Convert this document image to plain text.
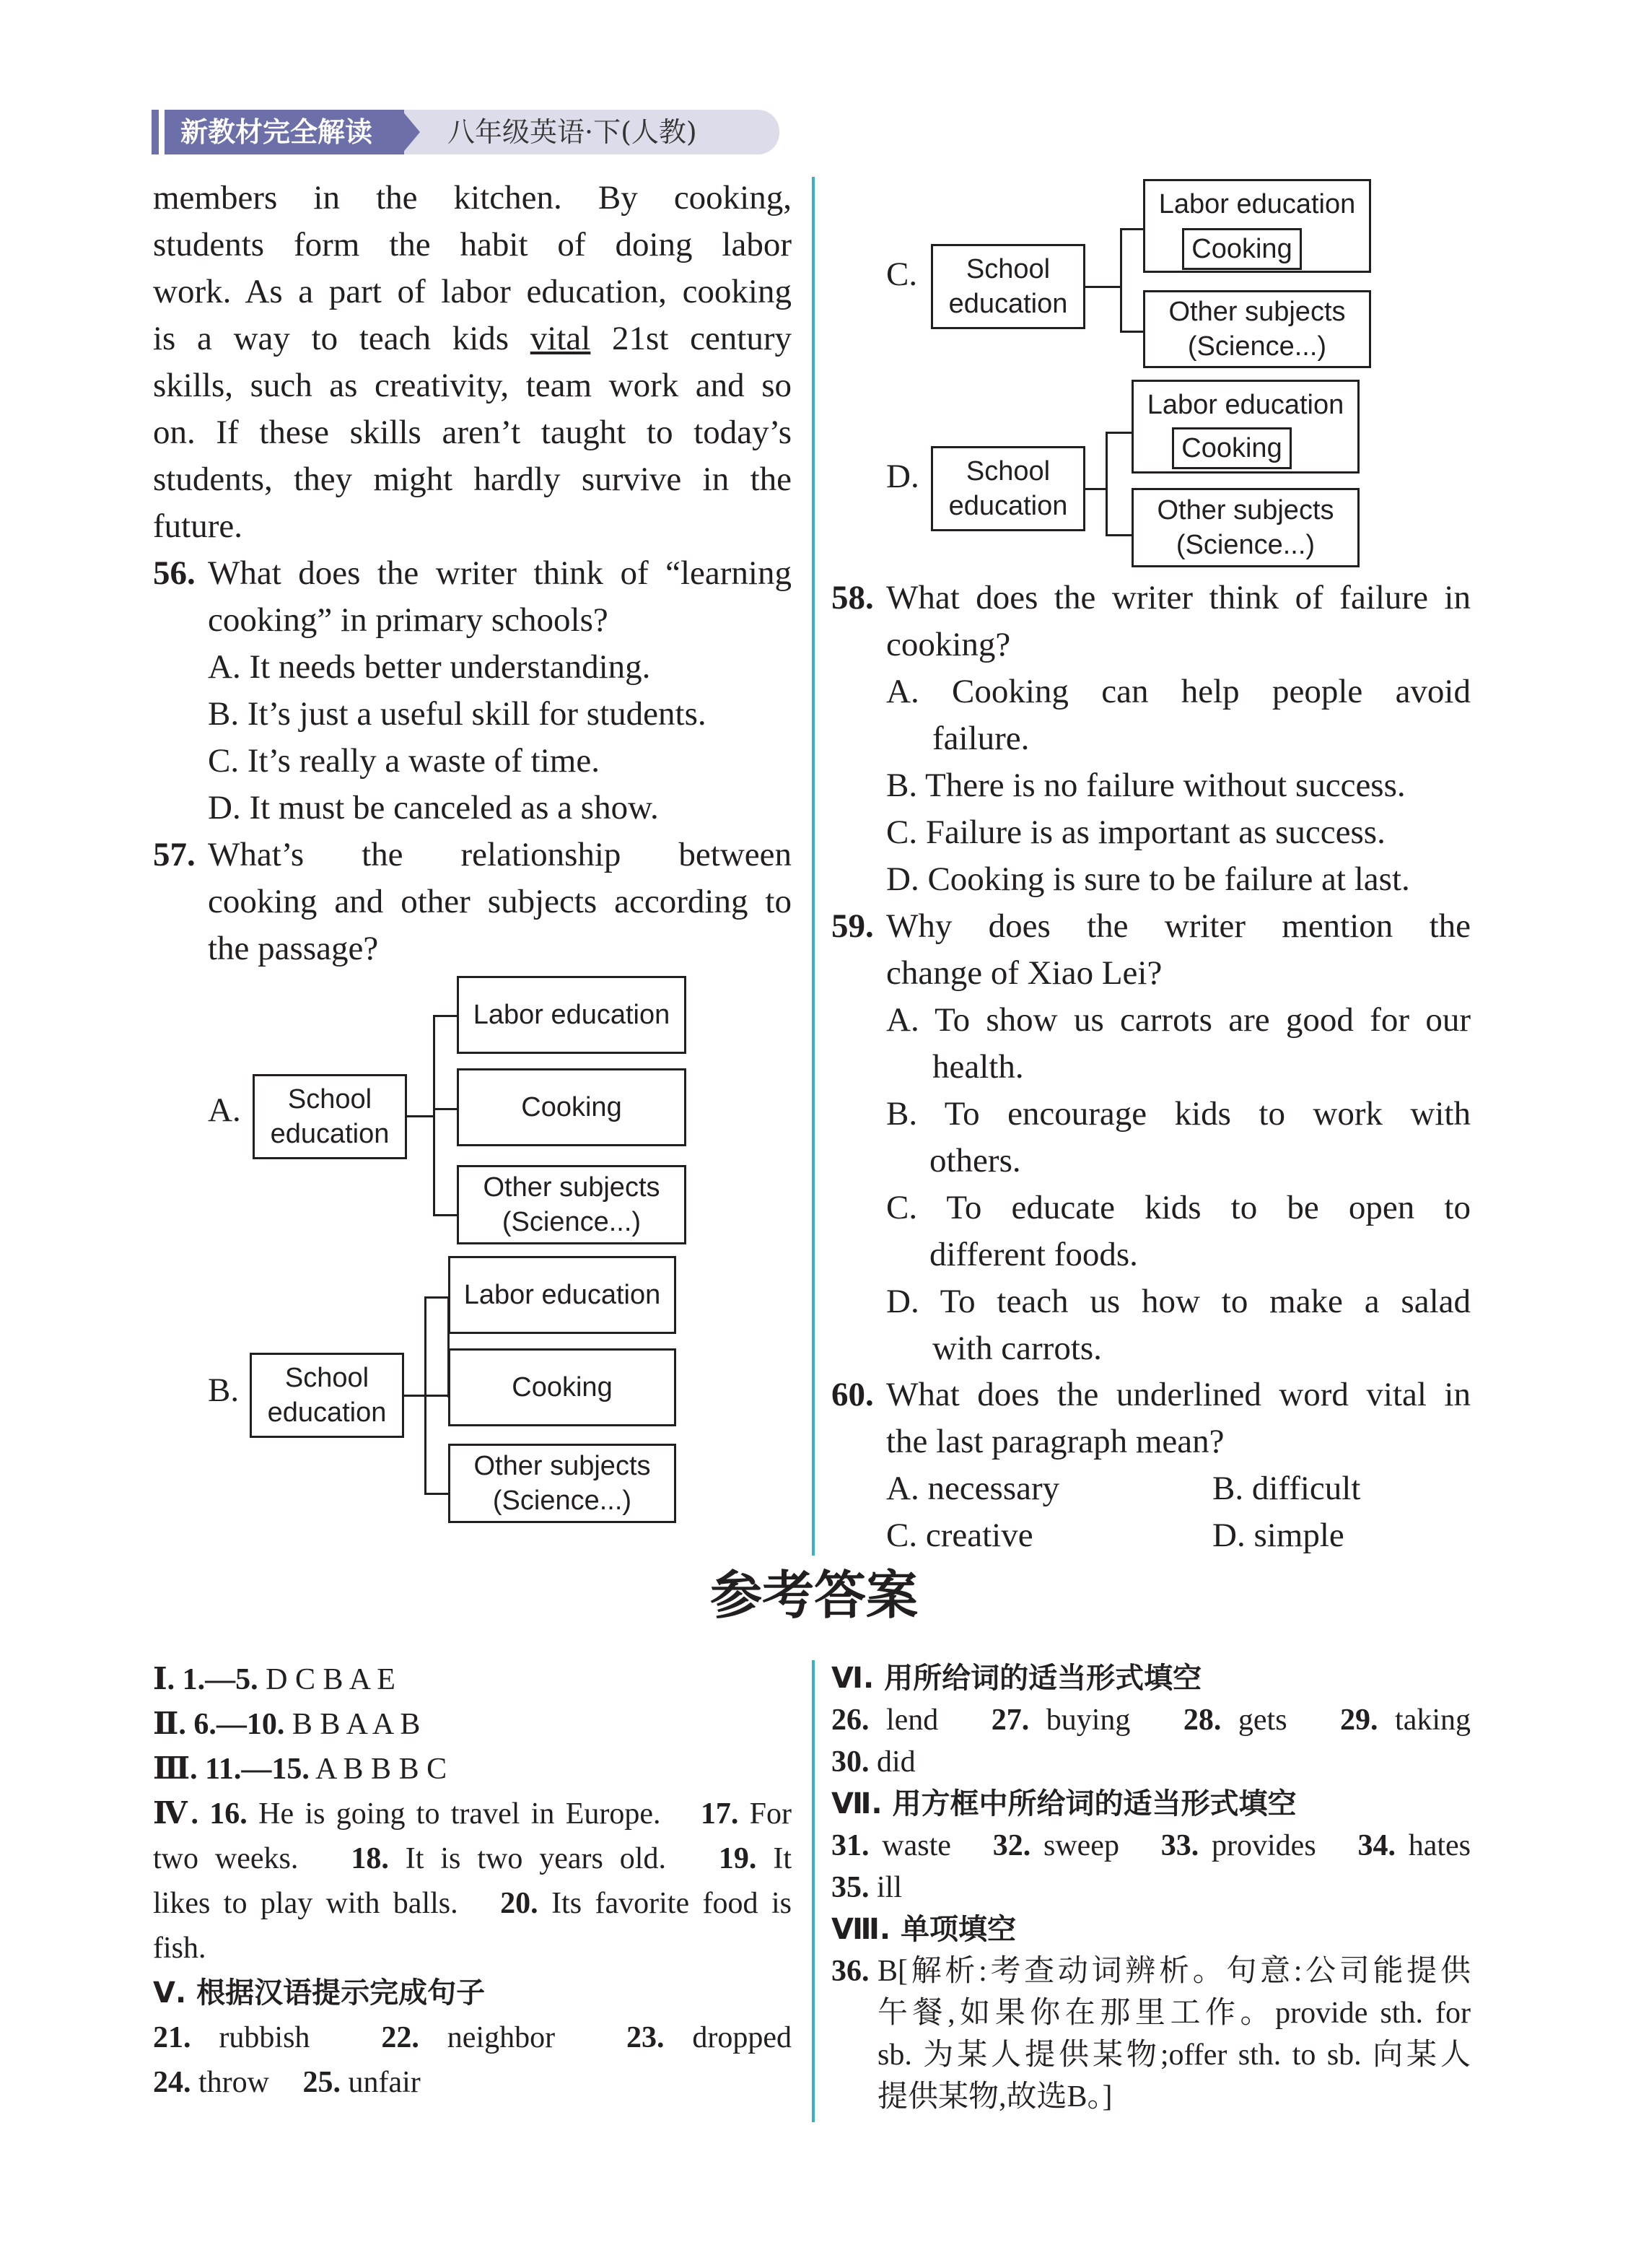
新教材完全解读	八年级英语·下(人教)
members in the kitchen. By cooking,
students form the habit of doing labor
work. As a part of labor education, cooking
is a way to teach kids vital 21st century
skills, such as creativity, team work and so
on. If these skills aren’t taught to today’s
students, they might hardly survive in the
future.
56. What does the writer think of “learning
cooking” in primary schools?
A. It needs better understanding.
B. It’s just a useful skill for students.
C. It’s really a waste of time.
D. It must be canceled as a show.
57. What’s the relationship between
cooking and other subjects according to
the passage?
A. School
education
Labor education
Cooking
Other subjects
(Science...)
B. School
education
Labor education
Cooking
Other subjects
(Science...)
C. School
education
Labor education
Cooking
Other subjects
(Science...)
D. School
education
Labor education
Cooking
Other subjects
(Science...)
58. What does the writer think of failure in
cooking?
A. Cooking can help people avoid
failure.
B. There is no failure without success.
C. Failure is as important as success.
D. Cooking is sure to be failure at last.
59. Why does the writer mention the
change of Xiao Lei?
A. To show us carrots are good for our
health.
B. To encourage kids to work with
others.
C. To educate kids to be open to
different foods.
D. To teach us how to make a salad
with carrots.
60. What does the underlined word vital in
the last paragraph mean?
A. necessary	B. difficult
C. creative	D. simple
参考答案
Ⅰ. 1.—5. D C B A E
Ⅱ. 6.—10. B B A A B
Ⅲ. 11.—15. A B B B C
Ⅳ. 16. He is going to travel in Europe. 17. For
two weeks. 18. It is two years old. 19. It
likes to play with balls. 20. Its favorite food is
fish.
Ⅴ. 根据汉语提示完成句子
21. rubbish 22. neighbor 23. dropped
24. throw 25. unfair
Ⅵ. 用所给词的适当形式填空
26. lend 27. buying 28. gets 29. taking
30. did
Ⅶ. 用方框中所给词的适当形式填空
31. waste 32. sweep 33. provides 34. hates
35. ill
Ⅷ. 单项填空
36. B[解析:考查动词辨析。句意:公司能提供
午餐,如果你在那里工作。provide sth. for
sb. 为某人提供某物;offer sth. to sb. 向某人
提供某物,故选B。]
